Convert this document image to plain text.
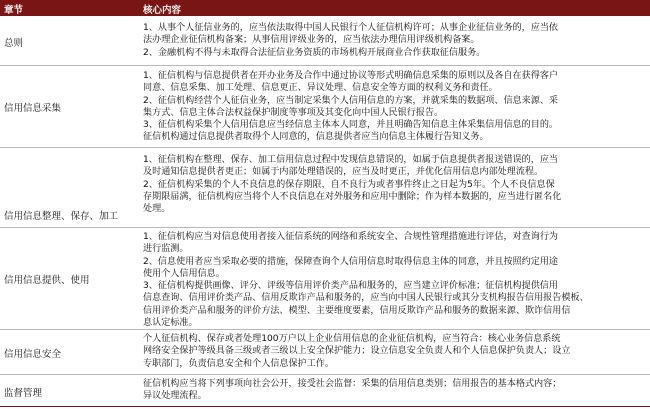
章节	核心内容
总则

1、从事个人征信业务的，应当依法取得中国人民银行个人征信机构许可；从事企业征信业务的，应当依

法办理企业征信机构备案；从事信用评级业务的，应当依法办理信用评级机构备案。

2、金融机构不得与未取得合法征信业务资质的市场机构开展商业合作获取征信服务。

信用信息采集

1、征信机构与信息提供者在开办业务及合作中通过协议等形式明确信息采集的原则以及各自在获得客户

同意、信息采集、加工处理、信息更正、异议处理、信息安全等方面的权利义务和责任。

2、征信机构经营个人征信业务，应当制定采集个人信用信息的方案，并就采集的数据项、信息来源、采

集方式、信息主体合法权益保护制度等事项及其变化向中国人民银行报告。

3、征信机构采集个人信用信息应当经信息主体本人同意，并且明确告知信息主体采集信用信息的目的。

征信机构通过信息提供者取得个人同意的，信息提供者应当向信息主体履行告知义务。

信用信息整理、保存、加工

1、征信机构在整理、保存、加工信用信息过程中发现信息错误的，如属于信息提供者报送错误的，应当

及时通知信息提供者更正；如属于内部处理错误的，应当及时更正，并优化信用信息内部处理流程。

2、征信机构采集的个人不良信息的保存期限，自不良行为或者事件终止之日起为5年。个人不良信息保

存期限届满，征信机构应当将个人不良信息在对外服务和应用中删除；作为样本数据的，应当进行匿名化

处理。

信用信息提供、使用

1、征信机构应当对信息使用者接入征信系统的网络和系统安全、合规性管理措施进行评估，对查询行为

进行监测。

2、信息使用者应当采取必要的措施，保障查询个人信用信息时取得信息主体的同意，并且按照约定用途

使用个人信用信息。

3、征信机构提供画像、评分、评级等信用评价类产品和服务的，应当建立评价标准；征信机构提供信用

信息查询、信用评价类产品、信用反欺诈产品和服务的，应当向中国人民银行或其分支机构报告信用报告模板、

信用评价类产品和服务的评价方法、模型、主要维度要素，信用反欺诈产品和服务的数据来源、欺诈信用信

息认定标准。

信用信息安全

个人征信机构、保存或者处理100万户以上企业信用信息的企业征信机构，应当符合：核心业务信息系统

网络安全保护等级具备三级或者三级以上安全保护能力；设立信息安全负责人和个人信息保护负责人；设立

专职部门，负责信息安全和个人信息保护工作。

监督管理

征信机构应当将下列事项向社会公开，接受社会监督：采集的信用信息类别；信用报告的基本格式内容；

异议处理流程。
